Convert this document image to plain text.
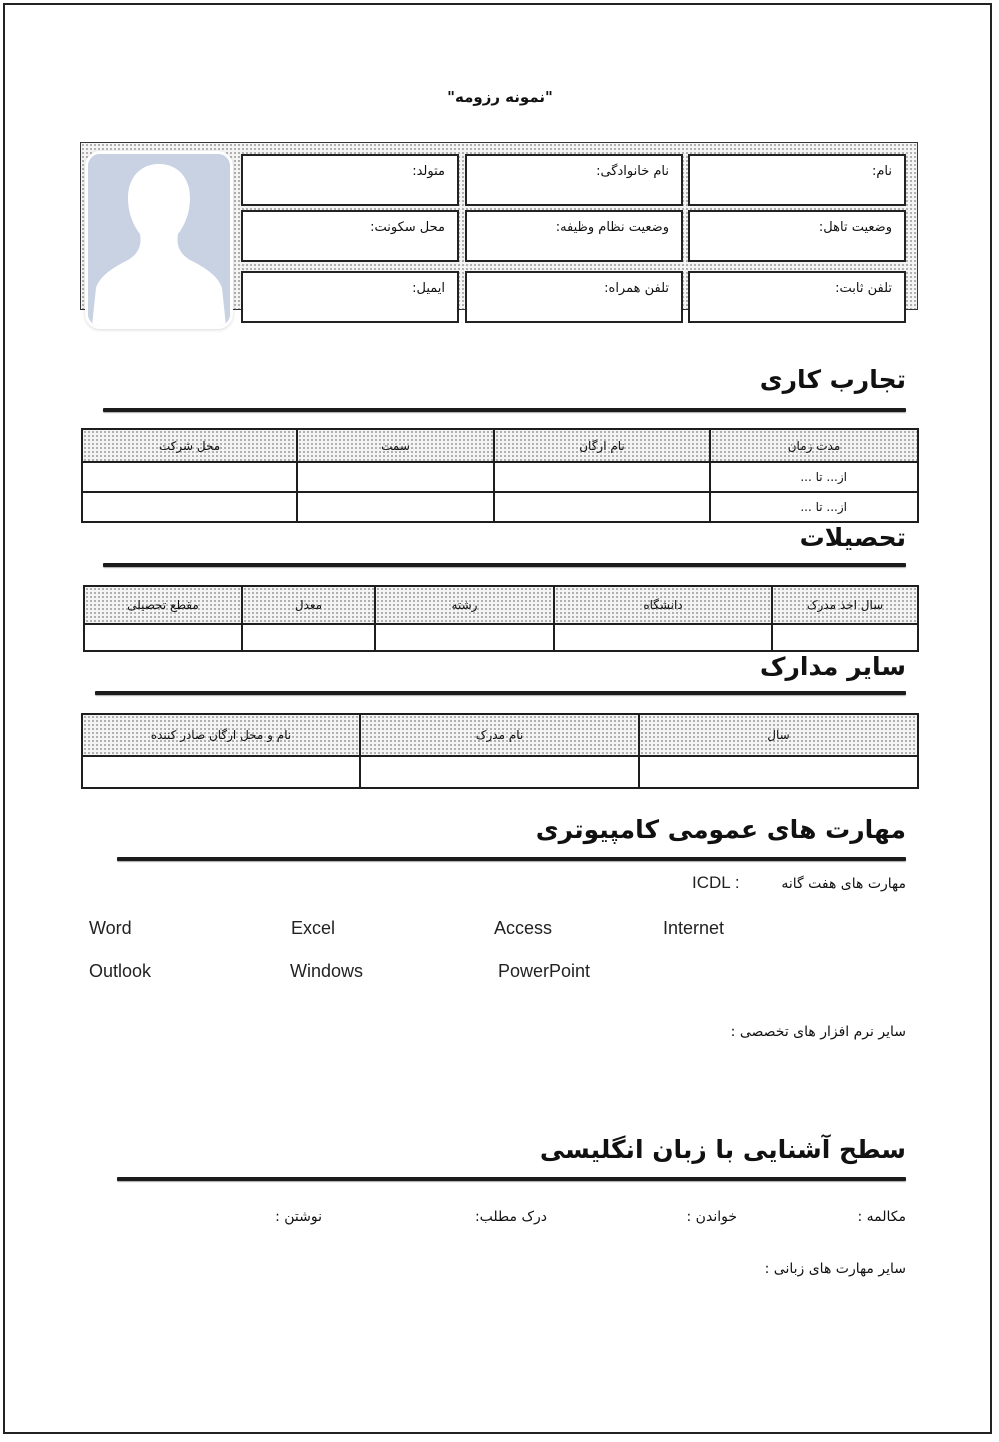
"نمونه رزومه"
نام:
نام خانوادگی:
متولد:
وضعیت تاهل:
وضعیت نظام وظیفه:
محل سکونت:
تلفن ثابت:
تلفن همراه:
ایمیل:
تجارب کاری
مدت زمان	نام ارگان	سمت	محل شرکت
از... تا ...			
از... تا ...			
تحصیلات
سال اخذ مدرک	دانشگاه	رشته	معدل	مقطع تحصیلی

سایر مدارک
سال	نام مدرک	نام و محل ارگان صادر کننده

مهارت های عمومی کامپیوتری
مهارت های هفت گانه
ICDL :
Word	Excel	Access	Internet
Outlook	Windows	PowerPoint
سایر نرم افزار های تخصصی :
سطح آشنایی با زبان انگلیسی
مکالمه :
خواندن :
درک مطلب:
نوشتن :
سایر مهارت های زبانی :
